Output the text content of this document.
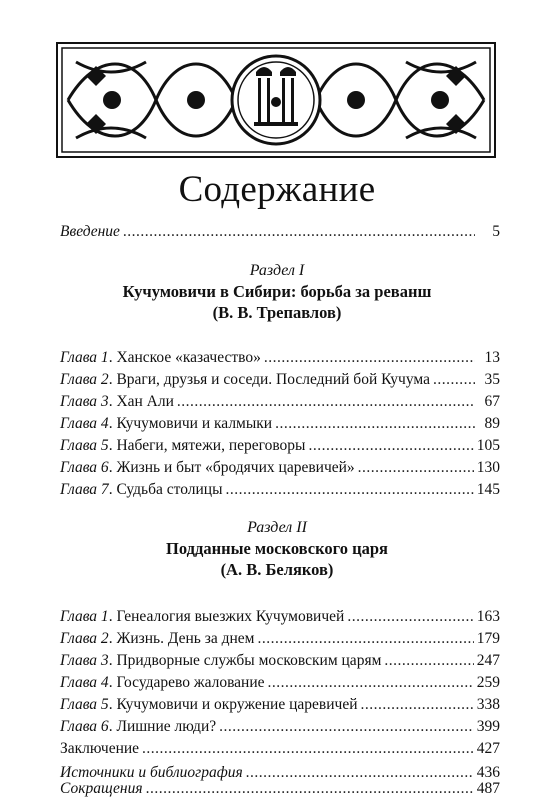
Содержание
Введение .....	5
Раздел I
Кучумовичи в Сибири: борьба за реванш
(В. В. Трепавлов)
Глава 1 . Ханское «казачество» .....	13
Глава 2 . Враги, друзья и соседи. Последний бой Кучума .....	35
Глава 3 . Хан Али .....	67
Глава 4 . Кучумовичи и калмыки .....	89
Глава 5 . Набеги, мятежи, переговоры .....	105
Глава 6 . Жизнь и быт «бродячих царевичей» .....	130
Глава 7 . Судьба столицы .....	145
Раздел II
Подданные московского царя
(А. В. Беляков)
Глава 1 . Генеалогия выезжих Кучумовичей .....	163
Глава 2 . Жизнь. День за днем .....	179
Глава 3 . Придворные службы московским царям .....	247
Глава 4 . Государево жалование .....	259
Глава 5 . Кучумовичи и окружение царевичей .....	338
Глава 6 . Лишние люди? .....	399
Заключение .....	427
Источники и библиография .....	436
Сокращения .....	487
